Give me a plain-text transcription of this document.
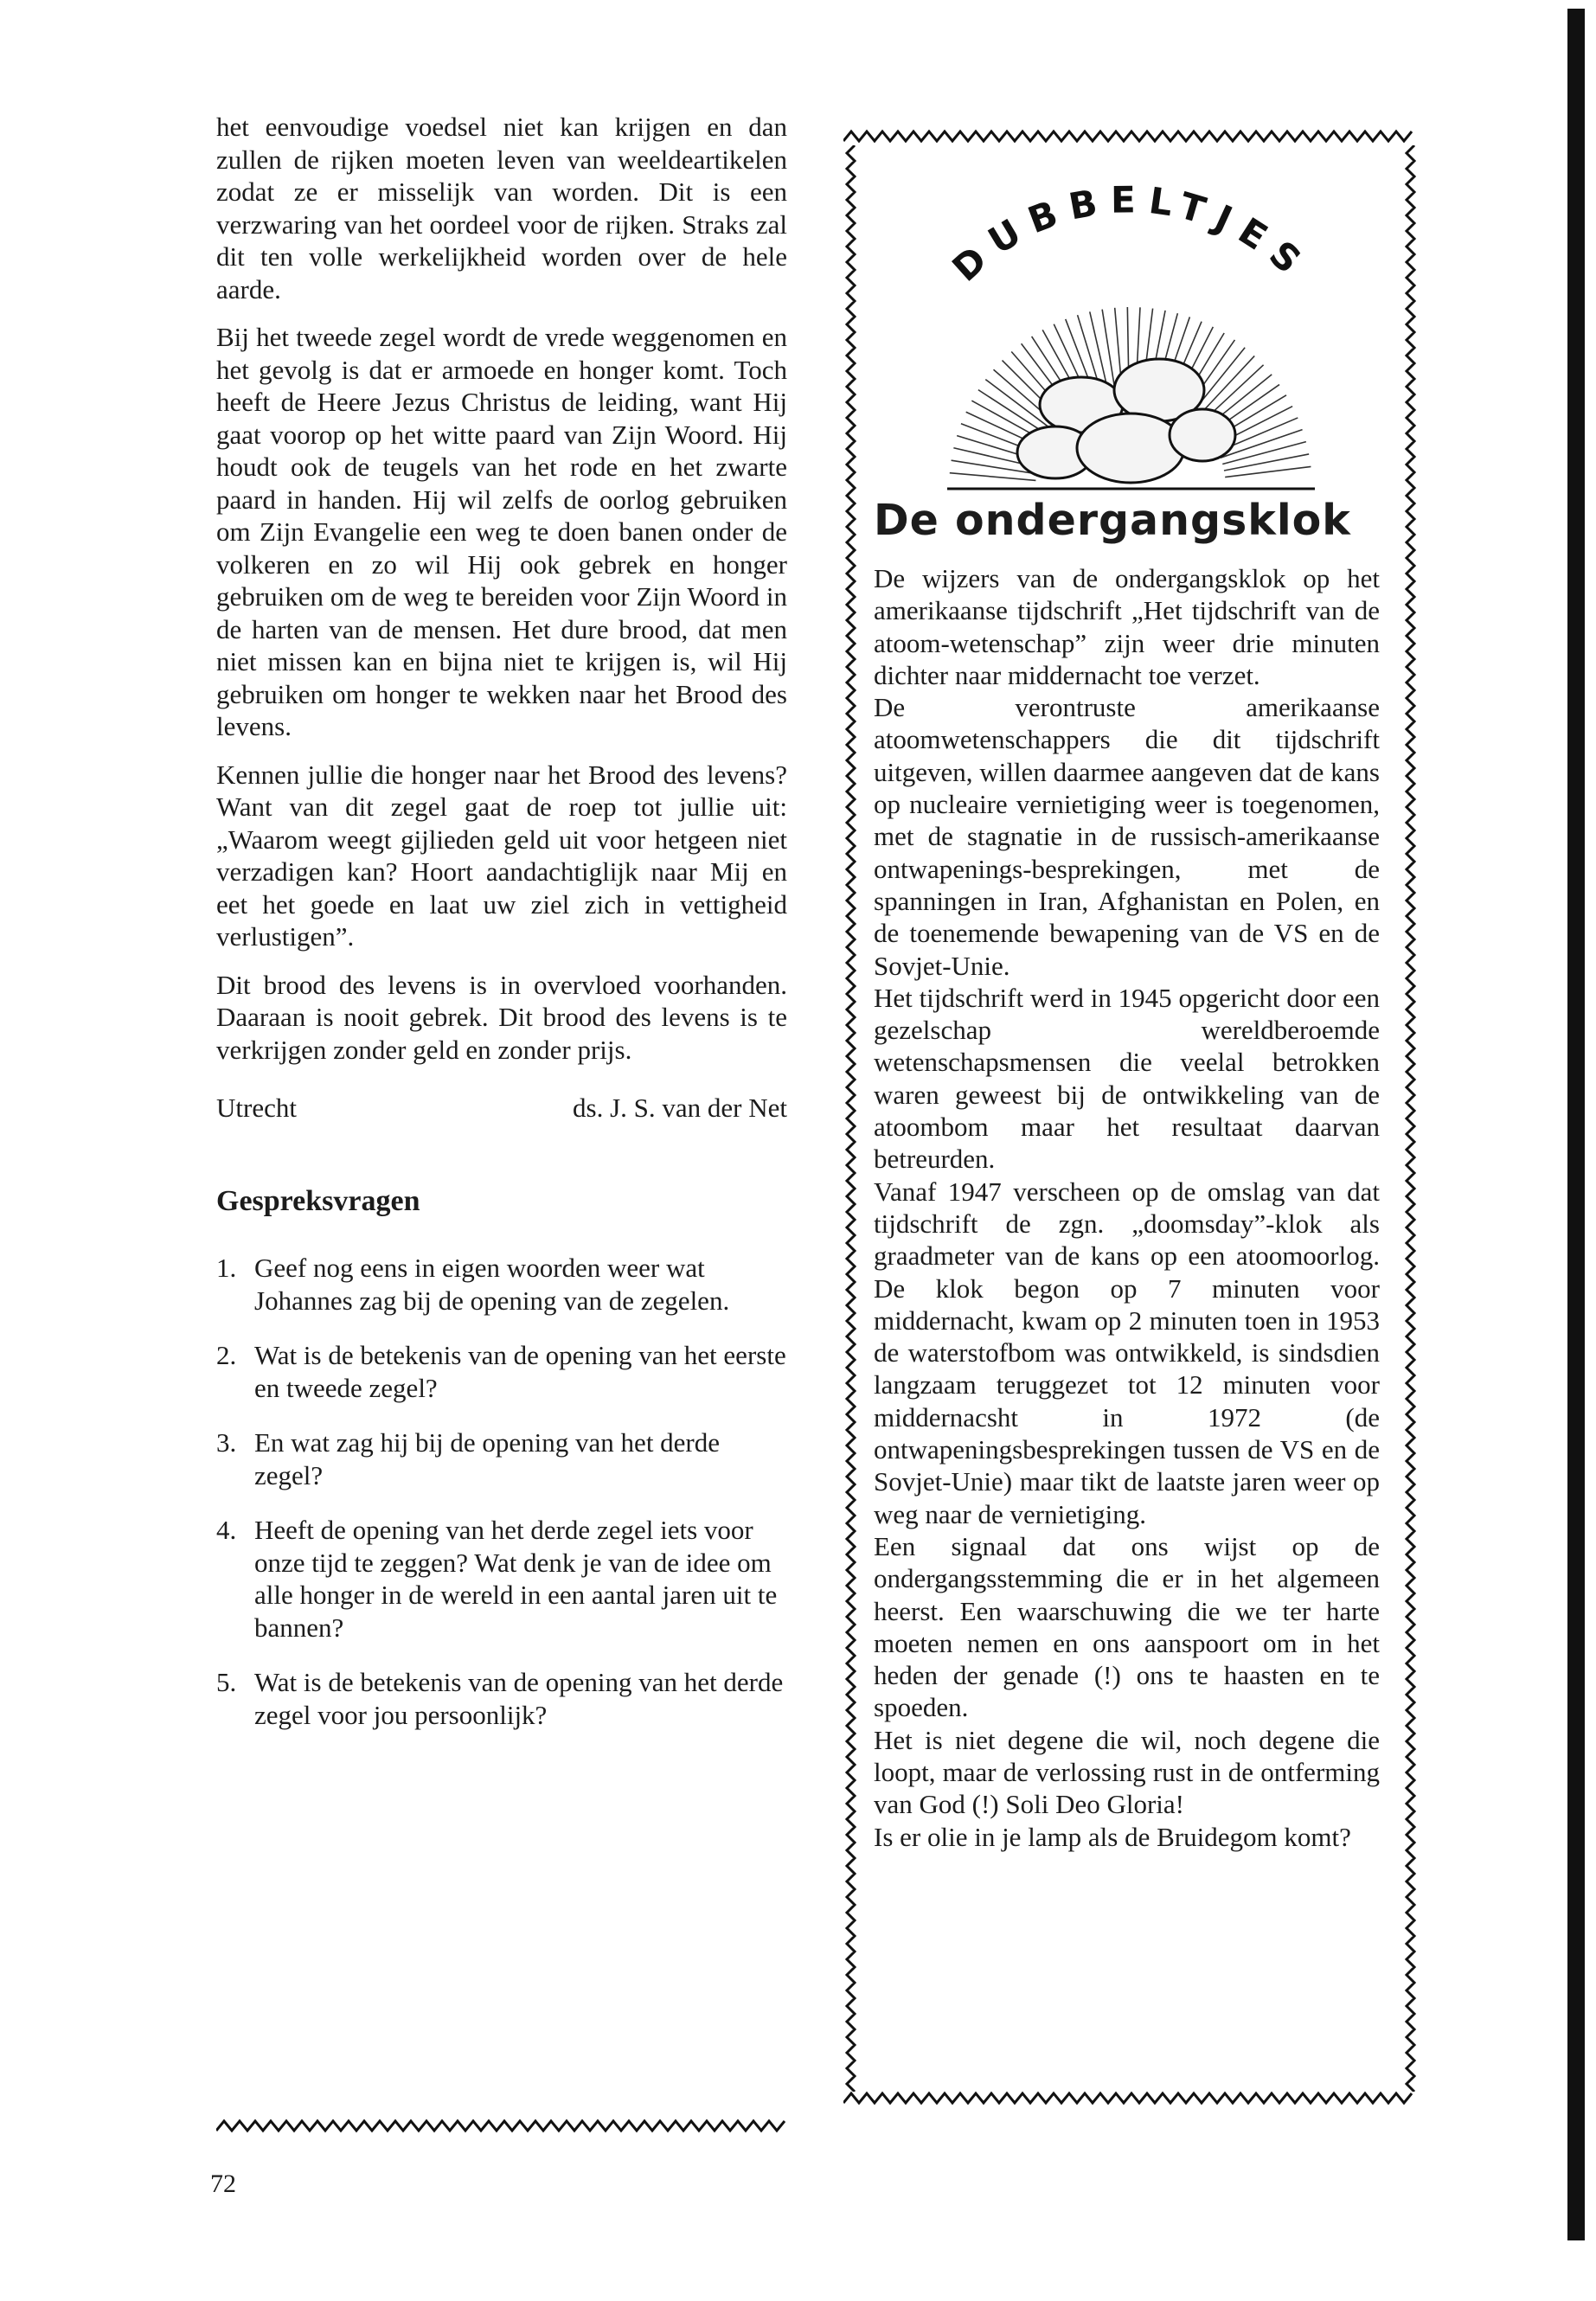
het eenvoudige voedsel niet kan krijgen en dan zullen de rijken moeten leven van weeldeartikelen zodat ze er misselijk van worden. Dit is een verzwaring van het oordeel voor de rijken. Straks zal dit ten volle werkelijkheid worden over de hele aarde.

Bij het tweede zegel wordt de vrede weggenomen en het gevolg is dat er armoede en honger komt. Toch heeft de Heere Jezus Christus de leiding, want Hij gaat voorop op het witte paard van Zijn Woord. Hij houdt ook de teugels van het rode en het zwarte paard in handen. Hij wil zelfs de oorlog gebruiken om Zijn Evangelie een weg te doen banen onder de volkeren en zo wil Hij ook gebrek en honger gebruiken om de weg te bereiden voor Zijn Woord in de harten van de mensen. Het dure brood, dat men niet missen kan en bijna niet te krijgen is, wil Hij gebruiken om honger te wekken naar het Brood des levens.

Kennen jullie die honger naar het Brood des levens? Want van dit zegel gaat de roep tot jullie uit: „Waarom weegt gijlieden geld uit voor hetgeen niet verzadigen kan? Hoort aandachtiglijk naar Mij en eet het goede en laat uw ziel zich in vettigheid verlustigen”.

Dit brood des levens is in overvloed voorhanden. Daaraan is nooit gebrek. Dit brood des levens is te verkrijgen zonder geld en zonder prijs.

Utrecht	ds. J. S. van der Net
Gespreksvragen
1. Geef nog eens in eigen woorden weer wat Johannes zag bij de opening van de zegelen.
2. Wat is de betekenis van de opening van het eerste en tweede zegel?
3. En wat zag hij bij de opening van het derde zegel?
4. Heeft de opening van het derde zegel iets voor onze tijd te zeggen? Wat denk je van de idee om alle honger in de wereld in een aantal jaren uit te bannen?
5. Wat is de betekenis van de opening van het derde zegel voor jou persoonlijk?
DUBBELTJES
De ondergangsklok

De wijzers van de ondergangsklok op het amerikaanse tijdschrift „Het tijdschrift van de atoom-wetenschap” zijn weer drie minuten dichter naar middernacht toe verzet.

De verontruste amerikaanse atoomwetenschappers die dit tijdschrift uitgeven, willen daarmee aangeven dat de kans op nucleaire vernietiging weer is toegenomen, met de stagnatie in de russisch-amerikaanse ontwapenings-besprekingen, met de spanningen in Iran, Afghanistan en Polen, en de toenemende bewapening van de VS en de Sovjet-Unie.

Het tijdschrift werd in 1945 opgericht door een gezelschap wereldberoemde wetenschapsmensen die veelal betrokken waren geweest bij de ontwikkeling van de atoombom maar het resultaat daarvan betreurden.

Vanaf 1947 verscheen op de omslag van dat tijdschrift de zgn. „doomsday”-klok als graadmeter van de kans op een atoomoorlog. De klok begon op 7 minuten voor middernacht, kwam op 2 minuten toen in 1953 de waterstofbom was ontwikkeld, is sindsdien langzaam teruggezet tot 12 minuten voor middernacsht in 1972 (de ontwapeningsbesprekingen tussen de VS en de Sovjet-Unie) maar tikt de laatste jaren weer op weg naar de vernietiging.

Een signaal dat ons wijst op de ondergangsstemming die er in het algemeen heerst. Een waarschuwing die we ter harte moeten nemen en ons aanspoort om in het heden der genade (!) ons te haasten en te spoeden.

Het is niet degene die wil, noch degene die loopt, maar de verlossing rust in de ontferming van God (!) Soli Deo Gloria!

Is er olie in je lamp als de Bruidegom komt?

72
